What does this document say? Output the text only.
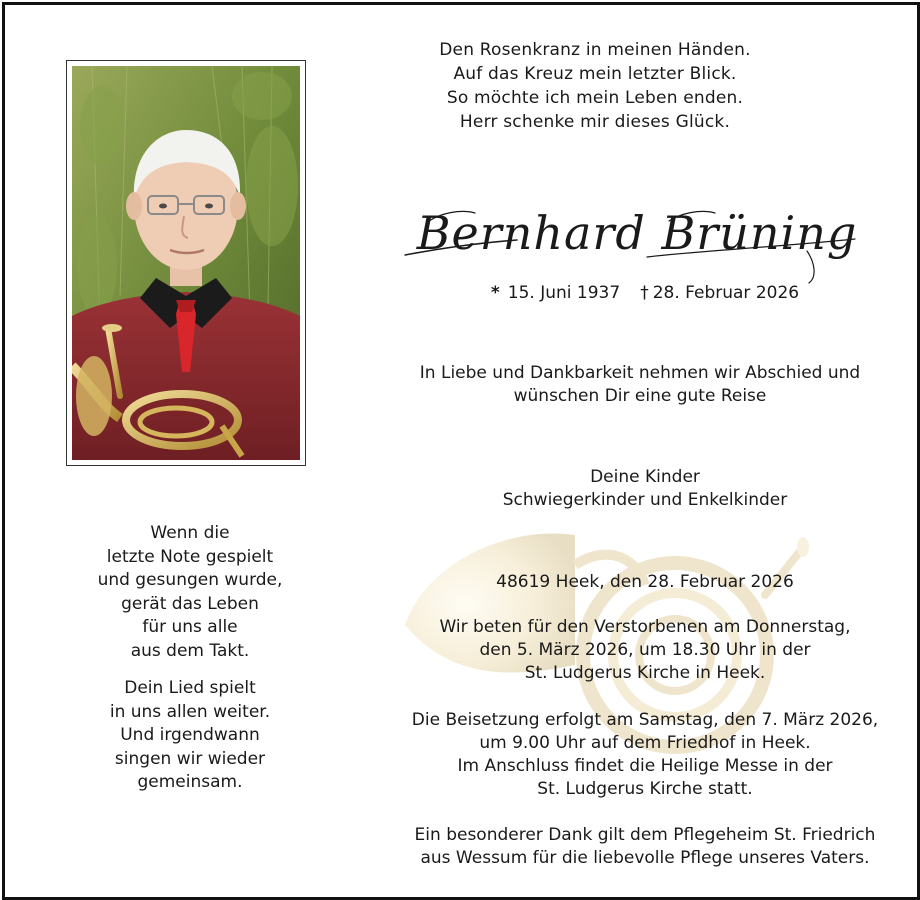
Den Rosenkranz in meinen Händen.
Auf das Kreuz mein letzter Blick.
So möchte ich mein Leben enden.
Herr schenke mir dieses Glück.
Bernhard Brüning
* 15. Juni 1937 † 28. Februar 2026
In Liebe und Dankbarkeit nehmen wir Abschied und
wünschen Dir eine gute Reise
Deine Kinder
Schwiegerkinder und Enkelkinder
Wenn die
letzte Note gespielt
und gesungen wurde,
gerät das Leben
für uns alle
aus dem Takt.
Dein Lied spielt
in uns allen weiter.
Und irgendwann
singen wir wieder
gemeinsam.
48619 Heek, den 28. Februar 2026
Wir beten für den Verstorbenen am Donnerstag,
den 5. März 2026, um 18.30 Uhr in der
St. Ludgerus Kirche in Heek.
Die Beisetzung erfolgt am Samstag, den 7. März 2026,
um 9.00 Uhr auf dem Friedhof in Heek.
Im Anschluss findet die Heilige Messe in der
St. Ludgerus Kirche statt.
Ein besonderer Dank gilt dem Pflegeheim St. Friedrich
aus Wessum für die liebevolle Pflege unseres Vaters.
